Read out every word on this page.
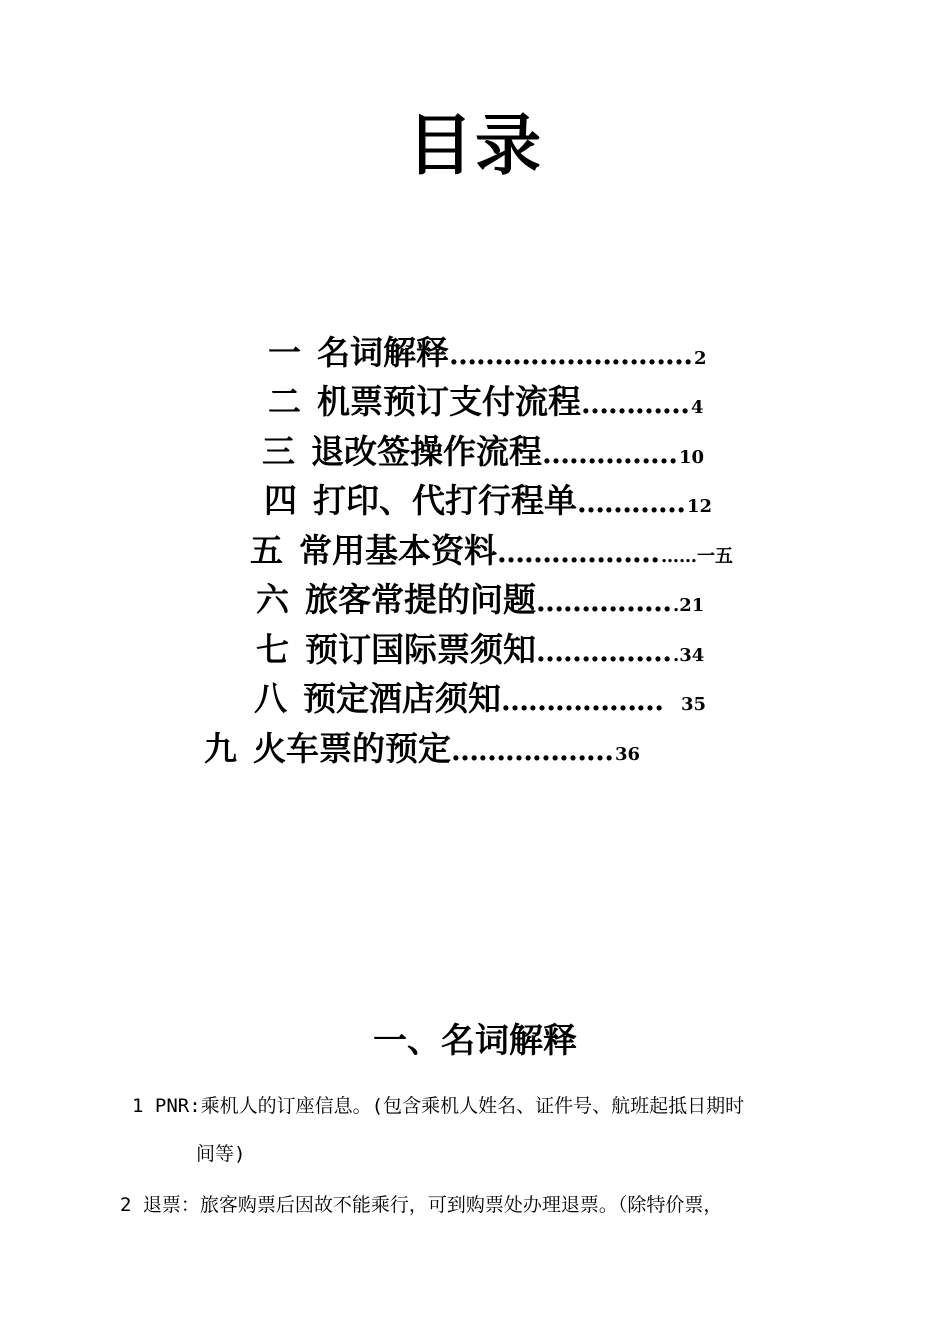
目录
一 名词解释……………………… 2
二 机票预订支付流程………… 4
三 退改签操作流程…………… 10
四 打印、代打行程单………… 12
五 常用基本资料……………… ……一五
六 旅客常提的问题…………… .21
七 预订国际票须知…………… .34
八 预定酒店须知……………… 35
九 火车票的预定……………… 36
一、名词解释
1 PNR:乘机人的订座信息。(包含乘机人姓名、证件号、航班起抵日期时
间等)
2 退票：旅客购票后因故不能乘行，可到购票处办理退票。（除特价票，
